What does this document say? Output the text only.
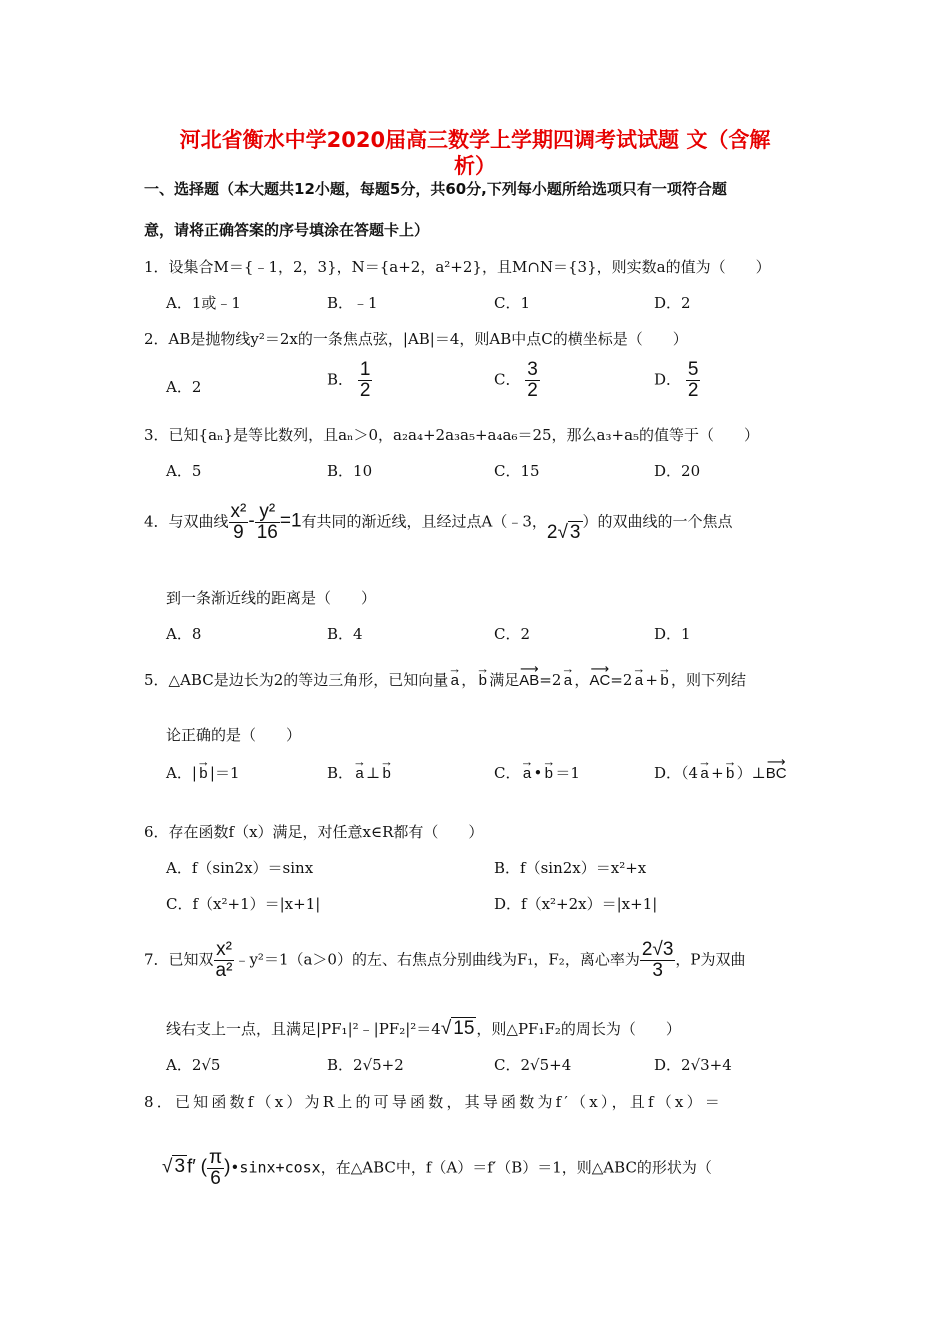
河北省衡水中学2020届高三数学上学期四调考试试题 文（含解
析）
一、选择题（本大题共12小题，每题5分，共60分,下列每小题所给选项只有一项符合题
意，请将正确答案的序号填涂在答题卡上）
1．设集合M＝{﹣1，2，3}，N＝{a+2，a²+2}，且M∩N＝{3}，则实数a的值为（　　）
A．1或﹣1	B．﹣1	C．1	D．2
2．AB是抛物线y²＝2x的一条焦点弦，|AB|＝4，则AB中点C的横坐标是（　　）
A．2	B． $\frac{1}{2}$	C． $\frac{3}{2}$	D． $\frac{5}{2}$
3．已知{aₙ}是等比数列，且aₙ＞0，a₂a₄+2a₃a₅+a₄a₆＝25，那么a₃+a₅的值等于（　　）
A．5	B．10	C．15	D．20
4．与双曲线 $\frac{\text{x²}}{9} - \frac{\text{y²}}{16} =1$有共同的渐近线，且经过点A（﹣3，2√ 3）的双曲线的一个焦点
到一条渐近线的距离是（　　）
A．8	B．4	C．2	D．1
5．△ABC是边长为2的等边三角形，已知向量
→
a ，
→
b 满足
⟶
AB=2
→
a ，
⟶
AC=2
→
a +
→
b ，则下列结
论正确的是（　　）
A．|
→
b |＝1	B．
→
a ⊥
→
b	C．
→
a •
→
b ＝1	D．（4
→
a +
→
b ）⊥
⟶
BC
6．存在函数f（x）满足，对任意x∈R都有（　　）
A．f（sin2x）＝sinx	B．f（sin2x）＝x²+x
C．f（x²+1）＝|x+1|	D．f（x²+2x）＝|x+1|
7．已知双 $\frac{\text{x²}}{\text{a²}}$ ﹣y²＝1（a＞0）的左、右焦点分别曲线为F₁，F₂，离心率为 $\frac{2√3}{3}$ ，P为双曲
线右支上一点，且满足|PF₁|²﹣|PF₂|²＝4√ 15 ，则△PF₁F₂的周长为（　　）
A．2√5	B．2√5+2	C．2√5+4	D．2√3+4
8．已知函数f（x）为R上的可导函数，其导函数为f′（x），且f（x）＝
√ 3 f′ ( $\frac{\pi}{6}$ )•sinx+cosx，在△ABC中，f（A）＝f′（B）＝1，则△ABC的形状为（
